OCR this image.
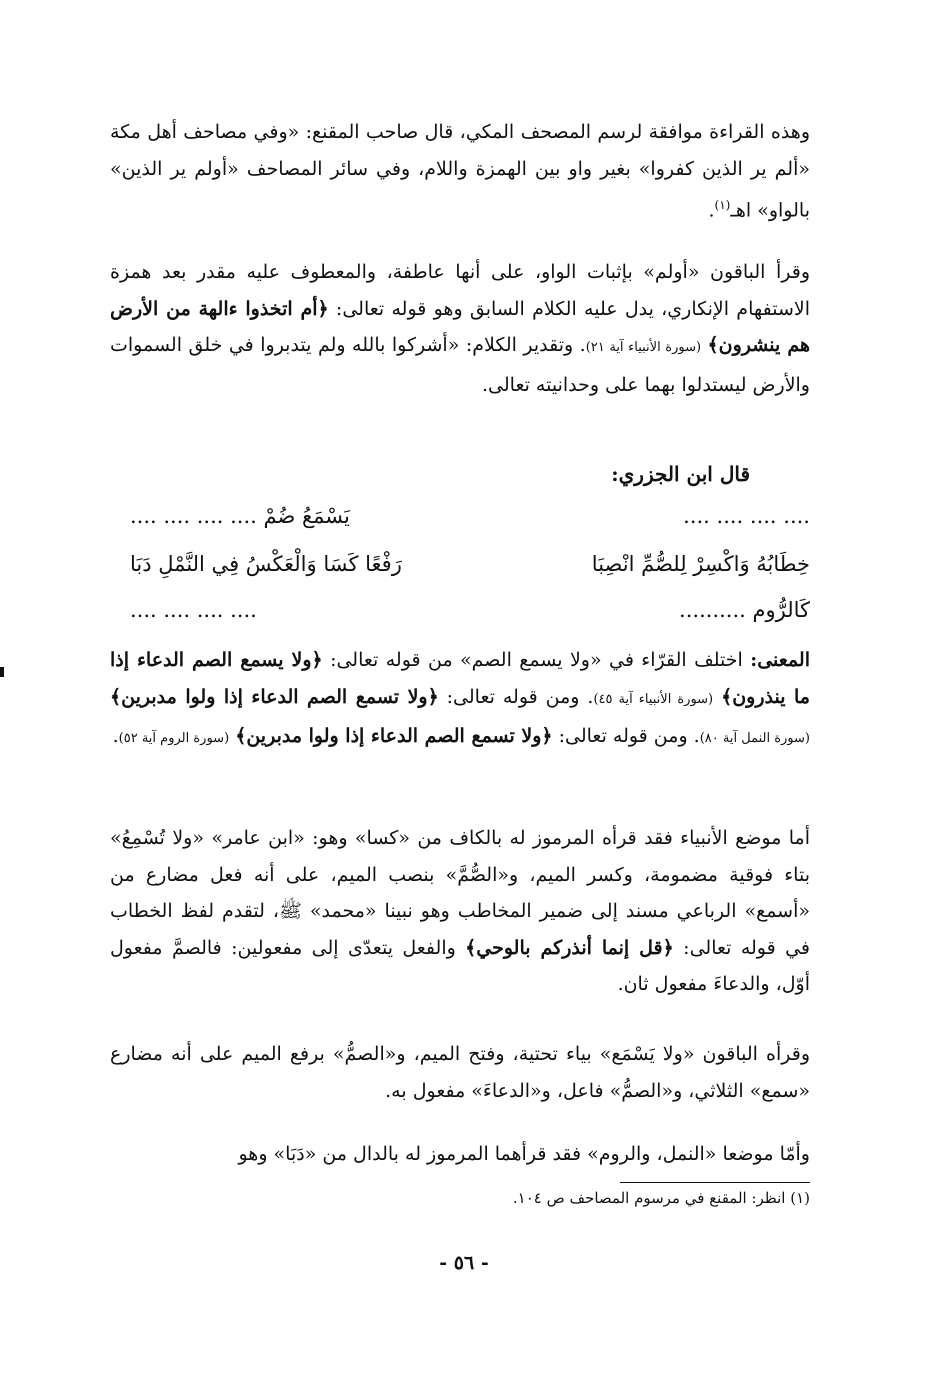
وهذه القراءة موافقة لرسم المصحف المكي، قال صاحب المقنع: «وفي مصاحف أهل مكة «ألم ير الذين كفروا» بغير واو بين الهمزة واللام، وفي سائر المصاحف «أولم ير الذين» بالواو» اهـ$^{(١)}$.
وقرأ الباقون «أولم» بإثبات الواو، على أنها عاطفة، والمعطوف عليه مقدر بعد همزة الاستفهام الإنكاري، يدل عليه الكلام السابق وهو قوله تعالى: ﴿أم اتخذوا ءالهة من الأرض هم ينشرون﴾ (سورة الأنبياء آية ٢١). وتقدير الكلام: «أشركوا بالله ولم يتدبروا في خلق السموات والأرض ليستدلوا بهما على وحدانيته تعالى.
قال ابن الجزري:
.... .... .... ....
يَسْمَعُ ضُمْ .... .... .... ....
خِطَابُهُ وَاكْسِرْ لِلصُّمِّ انْصِبَا
رَفْعًا كَسَا وَالْعَكْسُ فِي النَّمْلِ دَبَا
كَالرُّوم ..........
.... .... .... ....
المعنى: اختلف القرّاء في «ولا يسمع الصم» من قوله تعالى: ﴿ولا يسمع الصم الدعاء إذا ما ينذرون﴾ (سورة الأنبياء آية ٤٥). ومن قوله تعالى: ﴿ولا تسمع الصم الدعاء إذا ولوا مدبرين﴾ (سورة النمل آية ٨٠). ومن قوله تعالى: ﴿ولا تسمع الصم الدعاء إذا ولوا مدبرين﴾ (سورة الروم آية ٥٢).
أما موضع الأنبياء فقد قرأه المرموز له بالكاف من «كسا» وهو: «ابن عامر» «ولا تُسْمِعُ» بتاء فوقية مضمومة، وكسر الميم، و«الصُّمَّ» بنصب الميم، على أنه فعل مضارع من «أسمع» الرباعي مسند إلى ضمير المخاطب وهو نبينا «محمد» ﷺ، لتقدم لفظ الخطاب في قوله تعالى: ﴿قل إنما أنذركم بالوحي﴾ والفعل يتعدّى إلى مفعولين: فالصمَّ مفعول أوّل، والدعاءَ مفعول ثان.
وقرأه الباقون «ولا يَسْمَع» بياء تحتية، وفتح الميم، و«الصمُّ» برفع الميم على أنه مضارع «سمع» الثلاثي، و«الصمُّ» فاعل، و«الدعاءَ» مفعول به.
وأمّا موضعا «النمل، والروم» فقد قرأهما المرموز له بالدال من «دَبَا» وهو
(١) انظر: المقنع في مرسوم المصاحف ص ١٠٤.
- ٥٦ -
